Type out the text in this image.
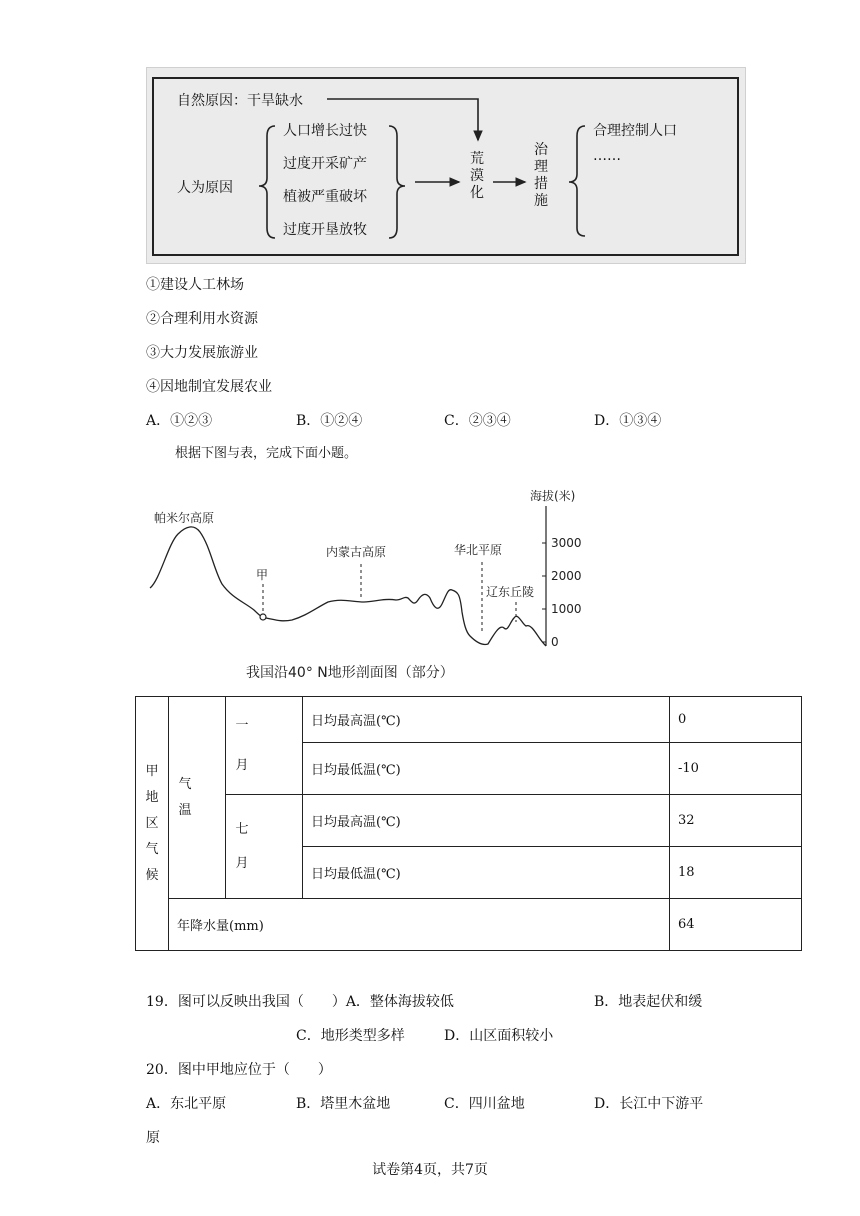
自然原因：干旱缺水
人为原因
人口增长过快
过度开采矿产
植被严重破坏
过度开垦放牧
荒漠化
治理措施
合理控制人口
……
①建设人工林场
②合理利用水资源
③大力发展旅游业
④因地制宜发展农业
A．①②③	B．①②④	C．②③④	D．①③④
根据下图与表，完成下面小题。
海拔(米)
3000
2000
1000
0
甲
帕米尔高原
内蒙古高原	华北平原
辽东丘陵
我国沿40° N地形剖面图（部分）
甲地区气候	气温	一月	日均最高温(℃)	0
			日均最低温(℃)	-10

		七月	日均最高温(℃)	32
			日均最低温(℃)	18
	年降水量(mm)			64
19．图可以反映出我国（　　）A．整体海拔较低	B．地表起伏和缓
C．地形类型多样	D．山区面积较小
20．图中甲地应位于（　　）
A．东北平原	B．塔里木盆地	C．四川盆地	D．长江中下游平
原
试卷第4页，共7页
